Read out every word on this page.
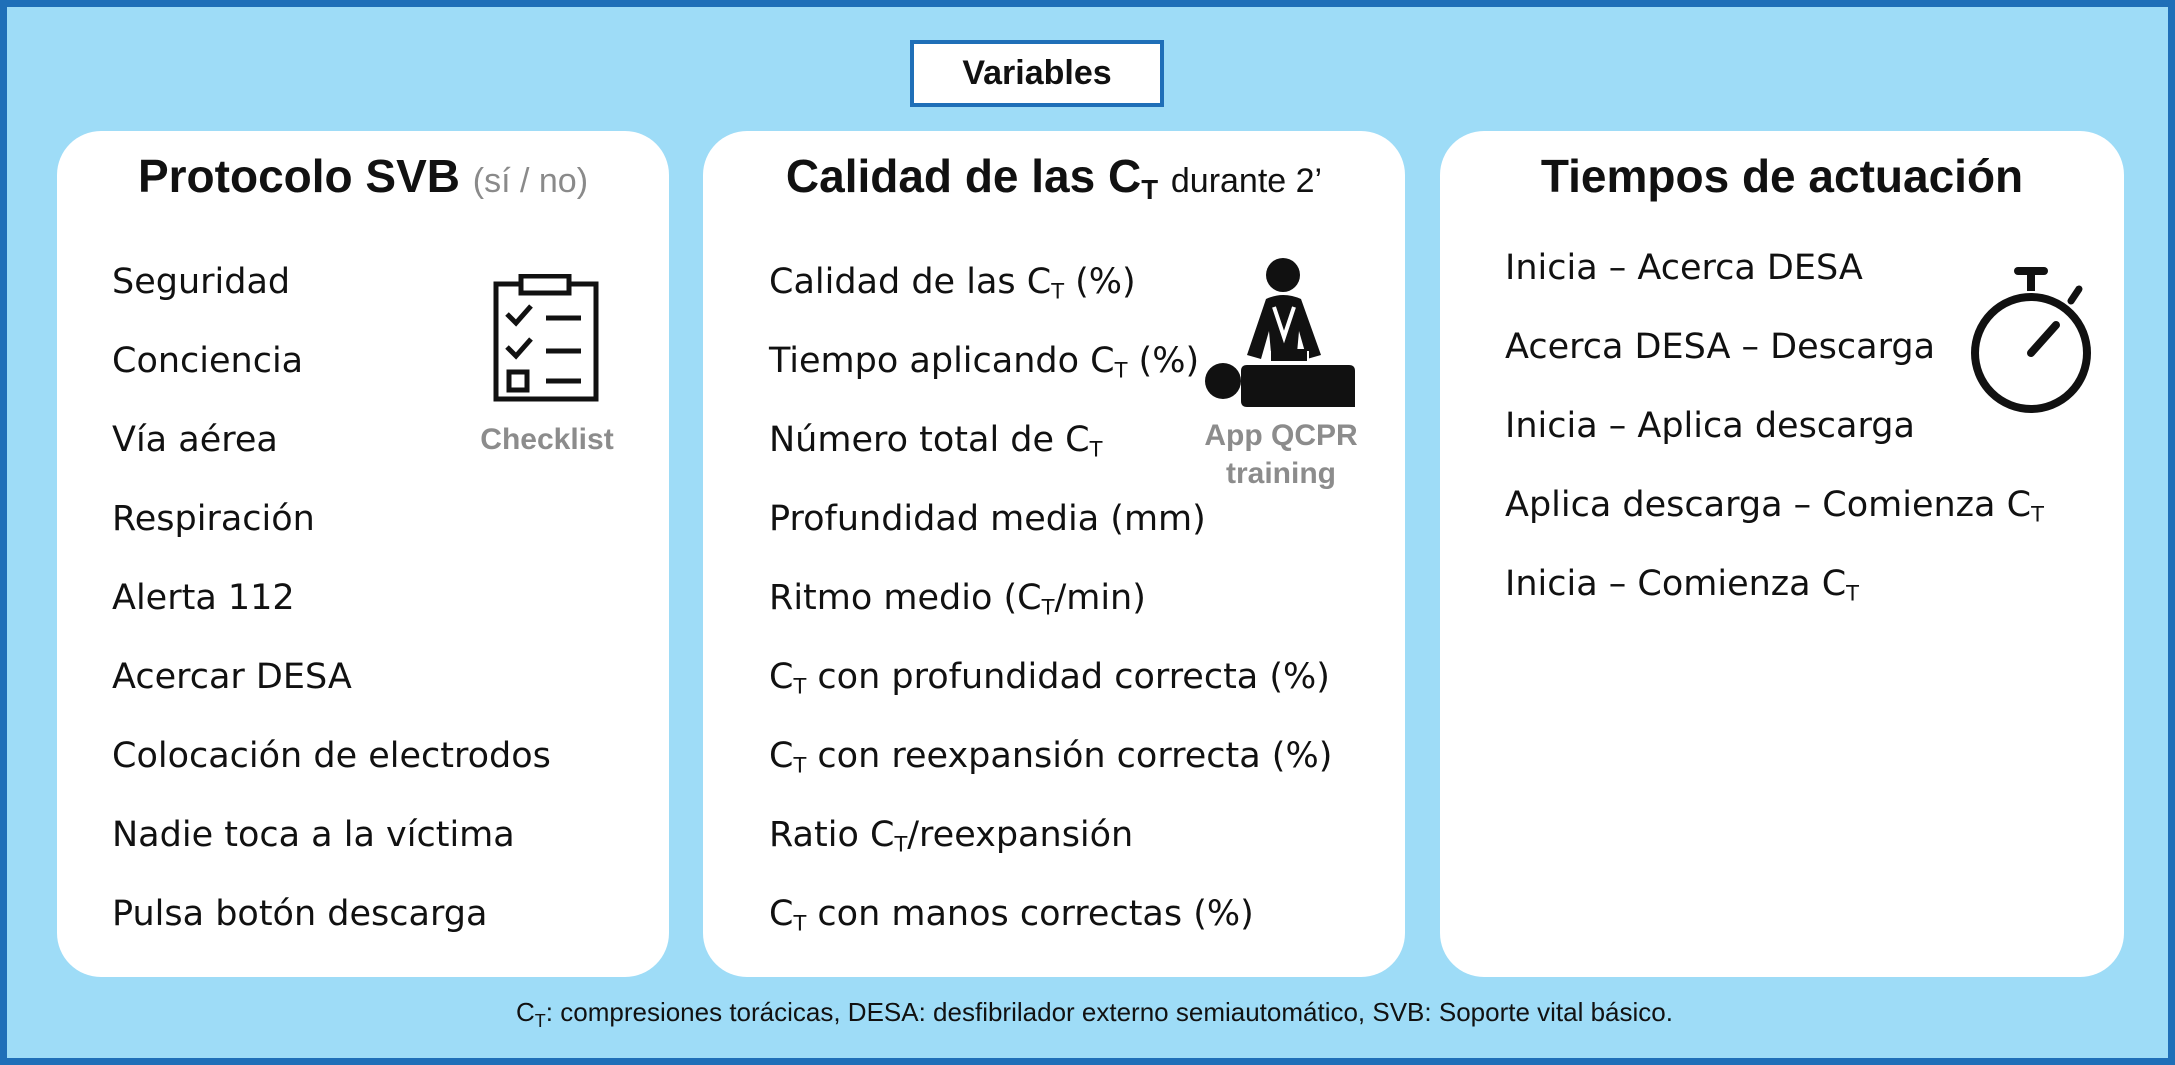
Variables
Protocolo SVB (sí / no)
Seguridad
Conciencia
Vía aérea
Respiración
Alerta 112
Acercar DESA
Colocación de electrodos
Nadie toca a la víctima
Pulsa botón descarga
Checklist
Calidad de las CT durante 2’
Calidad de las CT (%)
Tiempo aplicando CT (%)
Número total de CT
Profundidad media (mm)
Ritmo medio (CT/min)
CT con profundidad correcta (%)
CT con reexpansión correcta (%)
Ratio CT/reexpansión
CT con manos correctas (%)
App QCPR
training
Tiempos de actuación
Inicia – Acerca DESA
Acerca DESA – Descarga
Inicia – Aplica descarga
Aplica descarga – Comienza CT
Inicia – Comienza CT
$C_T$: compresiones torácicas, DESA: desfibrilador externo semiautomático, SVB: Soporte vital básico.
